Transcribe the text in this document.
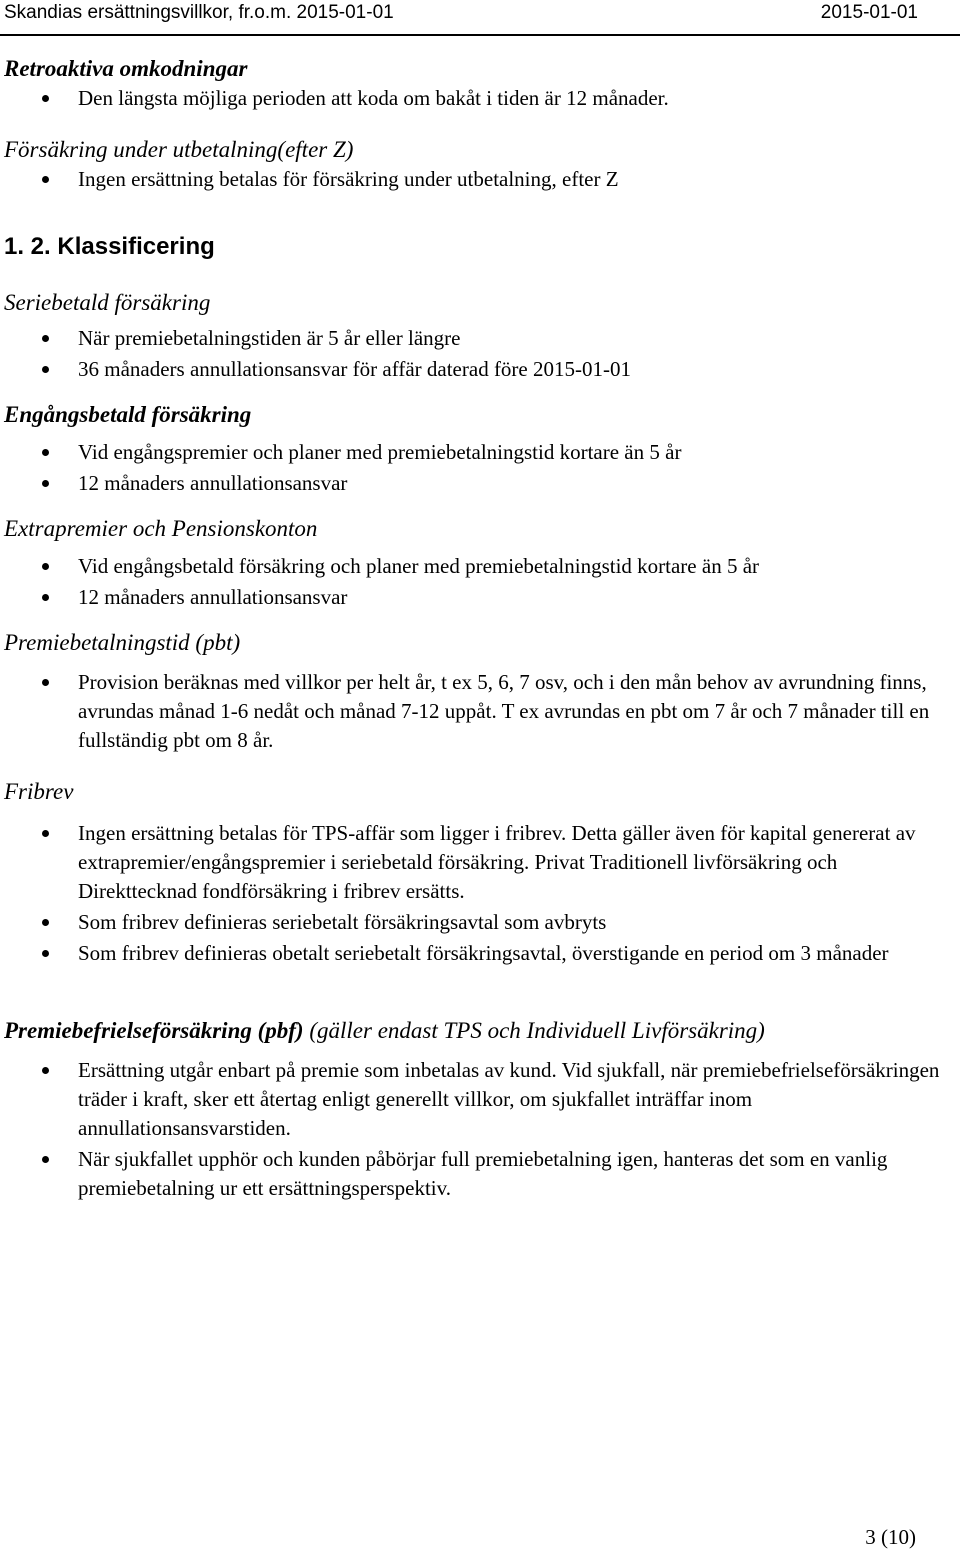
Skandias ersättningsvillkor, fr.o.m. 2015-01-01	2015-01-01

Retroaktiva omkodningar

Den längsta möjliga perioden att koda om bakåt i tiden är 12 månader.

Försäkring under utbetalning(efter Z)

Ingen ersättning betalas för försäkring under utbetalning, efter Z

1. 2. Klassificering

Seriebetald försäkring

När premiebetalningstiden är 5 år eller längre
36 månaders annullationsansvar för affär daterad före 2015-01-01

Engångsbetald försäkring

Vid engångspremier och planer med premiebetalningstid kortare än 5 år
12 månaders annullationsansvar

Extrapremier och Pensionskonton

Vid engångsbetald försäkring och planer med premiebetalningstid kortare än 5 år
12 månaders annullationsansvar

Premiebetalningstid (pbt)

Provision beräknas med villkor per helt år, t ex 5, 6, 7 osv, och i den mån behov av avrundning finns, avrundas månad 1-6 nedåt och månad 7-12 uppåt. T ex avrundas en pbt om 7 år och 7 månader till en fullständig pbt om 8 år.

Fribrev

Ingen ersättning betalas för TPS-affär som ligger i fribrev. Detta gäller även för kapital genererat av extrapremier/engångspremier i seriebetald försäkring. Privat Traditionell livförsäkring och Direkttecknad fondförsäkring i fribrev ersätts.
Som fribrev definieras seriebetalt försäkringsavtal som avbryts
Som fribrev definieras obetalt seriebetalt försäkringsavtal, överstigande en period om 3 månader

Premiebefrielseförsäkring (pbf) (gäller endast TPS och Individuell Livförsäkring)

Ersättning utgår enbart på premie som inbetalas av kund. Vid sjukfall, när premiebefrielseförsäkringen träder i kraft, sker ett återtag enligt generellt villkor, om sjukfallet inträffar inom annullationsansvarstiden.
När sjukfallet upphör och kunden påbörjar full premiebetalning igen, hanteras det som en vanlig premiebetalning ur ett ersättningsperspektiv.
3 (10)
